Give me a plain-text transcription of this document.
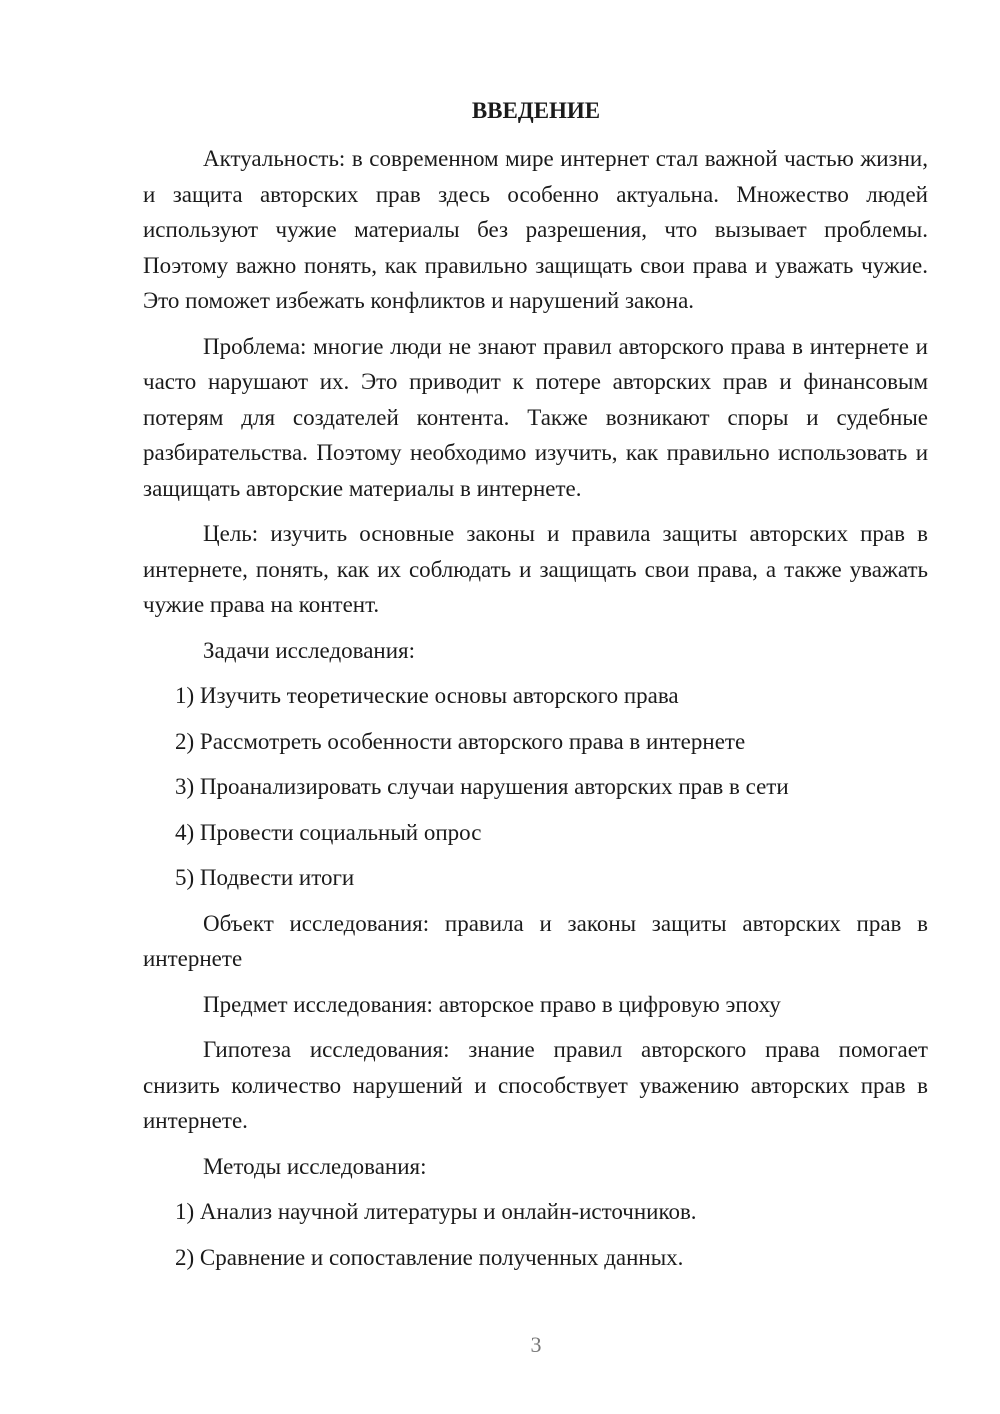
ВВЕДЕНИЕ

Актуальность: в современном мире интернет стал важной частью жизни, и защита авторских прав здесь особенно актуальна. Множество людей используют чужие материалы без разрешения, что вызывает проблемы. Поэтому важно понять, как правильно защищать свои права и уважать чужие. Это поможет избежать конфликтов и нарушений закона.

Проблема: многие люди не знают правил авторского права в интернете и часто нарушают их. Это приводит к потере авторских прав и финансовым потерям для создателей контента. Также возникают споры и судебные разбирательства. Поэтому необходимо изучить, как правильно использовать и защищать авторские материалы в интернете.

Цель: изучить основные законы и правила защиты авторских прав в интернете, понять, как их соблюдать и защищать свои права, а также уважать чужие права на контент.

Задачи исследования:

1) Изучить теоретические основы авторского права

2) Рассмотреть особенности авторского права в интернете

3) Проанализировать случаи нарушения авторских прав в сети

4) Провести социальный опрос

5) Подвести итоги

Объект исследования: правила и законы защиты авторских прав в интернете

Предмет исследования: авторское право в цифровую эпоху

Гипотеза исследования: знание правил авторского права помогает снизить количество нарушений и способствует уважению авторских прав в интернете.

Методы исследования:

1) Анализ научной литературы и онлайн-источников.

2) Сравнение и сопоставление полученных данных.

3
